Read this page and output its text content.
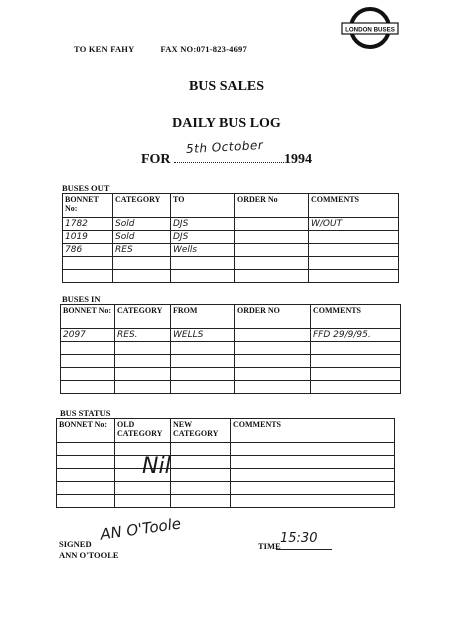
LONDON BUSES
TO KEN FAHY	FAX NO:071-823-4697
BUS SALES
DAILY BUS LOG
FOR
5th October
1994
BUSES OUT
BONNET No:	CATEGORY	TO	ORDER No	COMMENTS
1782	Sold	DJS		W/OUT
1019	Sold	DJS		
786	RES	Wells		

BUSES IN
BONNET No:	CATEGORY	FROM	ORDER NO	COMMENTS
2097	RES.	WELLS		FFD 29/9/95.

BUS STATUS
BONNET No:	OLD CATEGORY	NEW CATEGORY	COMMENTS

Nil
SIGNED
ANN O'TOOLE
AN O'Toole
TIME 15:30
